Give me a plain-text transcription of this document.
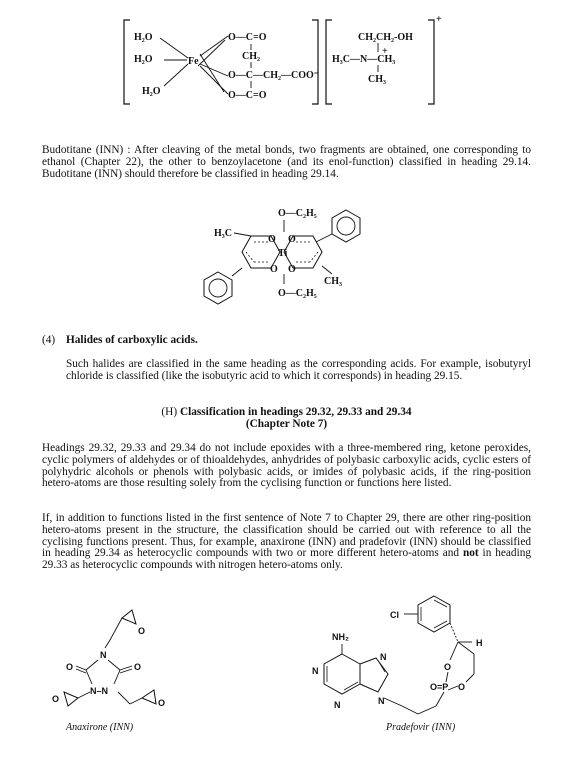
+
H₂O
H₂O
H₂O
Fe
O—C=O
CH₂
O—C—CH₂—COO⁻
O—C=O
CH₂CH₂-OH
+
H₃C—N—CH₃
CH₃

Budotitane (INN) : After cleaving of the metal bonds, two fragments are obtained, one corresponding to ethanol (Chapter 22), the other to benzoylacetone (and its enol-function) classified in heading 29.14. Budotitane (INN) should therefore be classified in heading 29.14.

O—C₂H₅
H₃C
O O
Ti
O O
CH₃
O—C₂H₅

(4) Halides of carboxylic acids.

Such halides are classified in the same heading as the corresponding acids. For example, isobutyryl chloride is classified (like the isobutyric acid to which it corresponds) in heading 29.15.

(H) Classification in headings 29.32, 29.33 and 29.34

(Chapter Note 7)

Headings 29.32, 29.33 and 29.34 do not include epoxides with a three-membered ring, ketone peroxides, cyclic polymers of aldehydes or of thioaldehydes, anhydrides of polybasic carboxylic acids, cyclic esters of polyhydric alcohols or phenols with polybasic acids, or imides of polybasic acids, if the ring-position hetero-atoms are those resulting solely from the cyclising function or functions here listed.

If, in addition to functions listed in the first sentence of Note 7 to Chapter 29, there are other ring-position hetero-atoms present in the structure, the classification should be carried out with reference to all the cyclising functions present. Thus, for example, anaxirone (INN) and pradefovir (INN) should be classified in heading 29.34 as heterocyclic compounds with two or more different hetero-atoms and not in heading 29.33 as heterocyclic compounds with nitrogen hetero-atoms only.

O
N
O	O
N–N
O	O

Anaxirone (INN)

Cl
H
O
O
O=P
NH₂
N
N
N	N

Pradefovir (INN)
